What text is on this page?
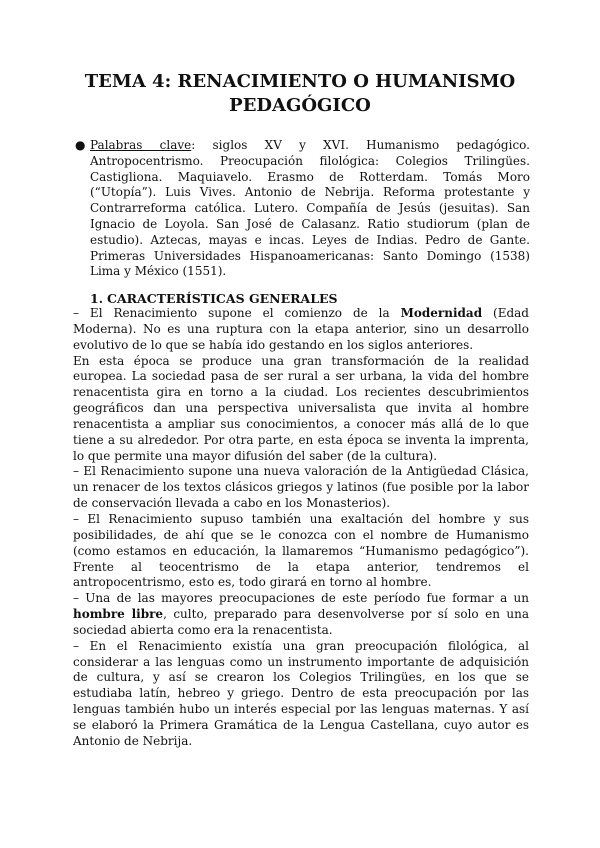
TEMA 4: RENACIMIENTO O HUMANISMO PEDAGÓGICO
● Palabras clave: siglos XV y XVI. Humanismo pedagógico. Antropocentrismo. Preocupación filológica: Colegios Trilingües. Castigliona. Maquiavelo. Erasmo de Rotterdam. Tomás Moro (“Utopía”). Luis Vives. Antonio de Nebrija. Reforma protestante y Contrarreforma católica. Lutero. Compañía de Jesús (jesuitas). San Ignacio de Loyola. San José de Calasanz. Ratio studiorum (plan de estudio). Aztecas, mayas e incas. Leyes de Indias. Pedro de Gante. Primeras Universidades Hispanoamericanas: Santo Domingo (1538) Lima y México (1551).
1. CARACTERÍSTICAS GENERALES

– El Renacimiento supone el comienzo de la Modernidad (Edad Moderna). No es una ruptura con la etapa anterior, sino un desarrollo evolutivo de lo que se había ido gestando en los siglos anteriores.

En esta época se produce una gran transformación de la realidad europea. La sociedad pasa de ser rural a ser urbana, la vida del hombre renacentista gira en torno a la ciudad. Los recientes descubrimientos geográficos dan una perspectiva universalista que invita al hombre renacentista a ampliar sus conocimientos, a conocer más allá de lo que tiene a su alrededor. Por otra parte, en esta época se inventa la imprenta, lo que permite una mayor difusión del saber (de la cultura).

– El Renacimiento supone una nueva valoración de la Antigüedad Clásica, un renacer de los textos clásicos griegos y latinos (fue posible por la labor de conservación llevada a cabo en los Monasterios).

– El Renacimiento supuso también una exaltación del hombre y sus posibilidades, de ahí que se le conozca con el nombre de Humanismo (como estamos en educación, la llamaremos “Humanismo pedagógico”). Frente al teocentrismo de la etapa anterior, tendremos el antropocentrismo, esto es, todo girará en torno al hombre.

– Una de las mayores preocupaciones de este período fue formar a un hombre libre, culto, preparado para desenvolverse por sí solo en una sociedad abierta como era la renacentista.

– En el Renacimiento existía una gran preocupación filológica, al considerar a las lenguas como un instrumento importante de adquisición de cultura, y así se crearon los Colegios Trilingües, en los que se estudiaba latín, hebreo y griego. Dentro de esta preocupación por las lenguas también hubo un interés especial por las lenguas maternas. Y así se elaboró la Primera Gramática de la Lengua Castellana, cuyo autor es Antonio de Nebrija.
